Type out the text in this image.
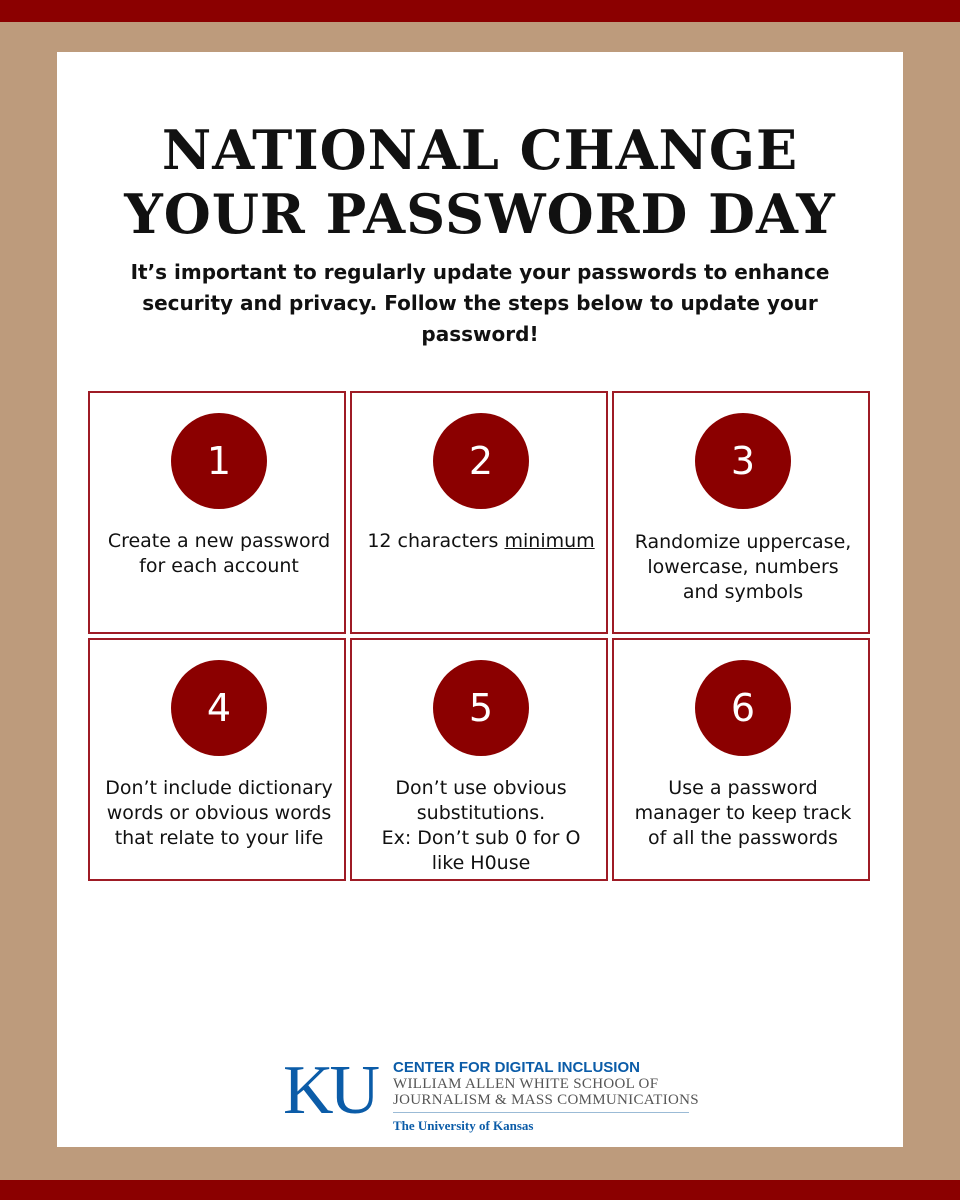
NATIONAL CHANGE
YOUR PASSWORD DAY
It’s important to regularly update your passwords to enhance security and privacy. Follow the steps below to update your password!
1
Create a new password
for each account
2
12 characters minimum
3
Randomize uppercase,
lowercase, numbers
and symbols
4
Don’t include dictionary
words or obvious words
that relate to your life
5
Don’t use obvious
substitutions.
Ex: Don’t sub 0 for O
like H0use
6
Use a password
manager to keep track
of all the passwords
KU CENTER FOR DIGITAL INCLUSION
WILLIAM ALLEN WHITE SCHOOL OF
JOURNALISM & MASS COMMUNICATIONS
The University of Kansas
